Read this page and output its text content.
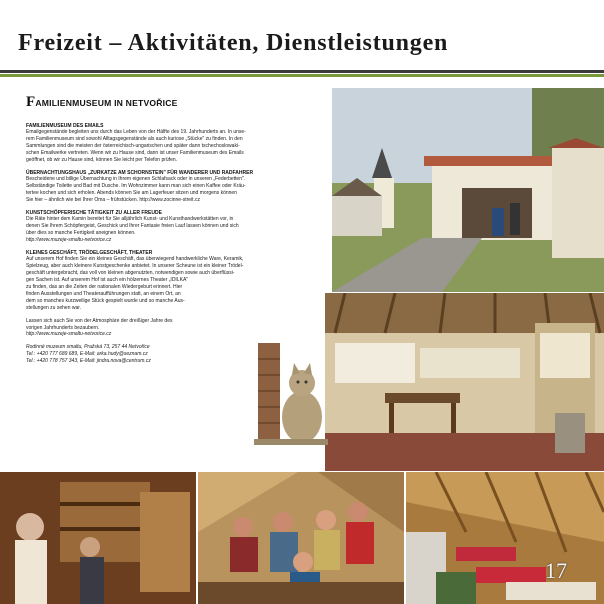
Freizeit – Aktivitäten, Dienstleistungen
FAMILIENMUSEUM IN NETVOŘICE
FAMILIENMUSEUM DES EMAILS
Emailgegenstände begleiten uns durch das Leben von der Hälfte des 19. Jahrhunderts an. In unse-
rem Familienmuseum sind sowohl Alltagsgegenstände als auch kuriose „Stücke" zu finden. In den
Sammlungen sind die meisten der österreichisch-ungarischen und später dann tschechoslowaki-
schen Emailwerke vertreten. Wenn wir zu Hause sind, dann ist unser Familienmuseum des Emails
geöffnet, ob wir zu Hause sind, können Sie leicht per Telefon prüfen.
ÜBERNACHTUNGSHAUS „ZURKATZE AM SCHORNSTEIN" FÜR WANDERER UND RADFAHRER
Bescheidene und billige Übernachtung in Ihrem eigenen Schlafsack oder in unseren „Federbetten".
Selbständige Toilette und Bad mit Dusche. Im Wohnzimmer kann man sich einen Kaffee oder Kräu-
tertee kochen und sich erholen. Abends können Sie am Lagerfeuer sitzen und morgens können
Sie hier – ähnlich wie bei Ihrer Oma – frühstücken. http://www.zocinne-streit.cz
KUNSTSCHÖPFERISCHE TÄTIGKEIT ZU ALLER FREUDE
Die Räte hinter dem Kamin bereitet für Sie alljährlich Kunst- und Kunsthandwerkstätten vor, in
denen Sie Ihrem Schöpfergeist, Geschick und Ihrer Fantasie freien Lauf lassen können und sich
über dies so manche Fertigkeit aneignen können.
http://www.muzeje-smaltu-netvorice.cz
KLEINES GESCHÄFT, TRÖDELGESCHÄFT, THEATER
Auf unserem Hof finden Sie ein kleines Geschäft, das überwiegend handwerkliche Ware, Keramik,
Spielzeug, aber auch kleinere Kunstgeschenke anbietet. In unserer Scheune ist ein kleiner Trödel-
geschäft untergebracht, das voll von kleinen abgenutzten, notwendigen sowie auch überflüssi-
gen Sachen ist. Auf unserem Hof ist auch ein hölzernes Theater „IDILKA"
zu finden, das an die Zeiten der nationalen Wiedergeburt erinnert. Hier
finden Ausstellungen und Theateraufführungen statt, an einem Ort, an
dem so manches kurzweilige Stück gespielt wurde und so manche Aus-
stellungen zu sehen war.
Lassen sich auch Sie von der Atmosphäre der dreißiger Jahre des
vorigen Jahrhunderts bezaubern.
http://www.muzeje-smaltu-netvorice.cz
Rodinné muzeum smaltu, Pražská 73, 257 44 Netvořice
Tel.: +420 777 689 689, E-Mail: arka.hudy@seznam.cz
Tel.: +420 778 757 343, E-Mail: jindra.nova@centrum.cz
17
